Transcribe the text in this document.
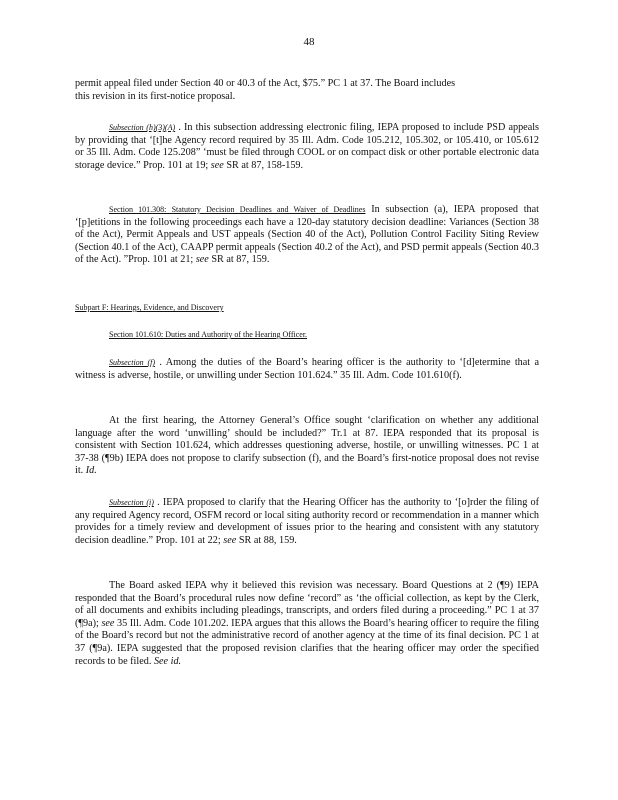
48
permit appeal filed under Section 40 or 40.3 of the Act, $75.” PC 1 at 37. The Board includes
this revision in its first-notice proposal.
Subsection (h)(3)(A) . In this subsection addressing electronic filing, IEPA proposed to include PSD appeals by providing that ‘[t]he Agency record required by 35 Ill. Adm. Code 105.212, 105.302, or 105.410, or 105.612 or 35 Ill. Adm. Code 125.208” ‘must be filed through COOL or on compact disk or other portable electronic data storage device.” Prop. 101 at 19; see SR at 87, 158-159.
Section 101.308: Statutory Decision Deadlines and Waiver of Deadlines In subsection (a), IEPA proposed that ‘[p]etitions in the following proceedings each have a 120-day statutory decision deadline: Variances (Section 38 of the Act), Permit Appeals and UST appeals (Section 40 of the Act), Pollution Control Facility Siting Review (Section 40.1 of the Act), CAAPP permit appeals (Section 40.2 of the Act), and PSD permit appeals (Section 40.3 of the Act). ”Prop. 101 at 21; see SR at 87, 159.
Subpart F: Hearings, Evidence, and Discovery
Section 101.610: Duties and Authority of the Hearing Officer.
Subsection (f) . Among the duties of the Board’s hearing officer is the authority to ‘[d]etermine that a witness is adverse, hostile, or unwilling under Section 101.624.” 35 Ill. Adm. Code 101.610(f).
At the first hearing, the Attorney General’s Office sought ‘clarification on whether any additional language after the word ‘unwilling’ should be included?” Tr.1 at 87. IEPA responded that its proposal is consistent with Section 101.624, which addresses questioning adverse, hostile, or unwilling witnesses. PC 1 at 37-38 (¶9b) IEPA does not propose to clarify subsection (f), and the Board’s first-notice proposal does not revise it. Id.
Subsection (i) . IEPA proposed to clarify that the Hearing Officer has the authority to ‘[o]rder the filing of any required Agency record, OSFM record or local siting authority record or recommendation in a manner which provides for a timely review and development of issues prior to the hearing and consistent with any statutory decision deadline.” Prop. 101 at 22; see SR at 88, 159.
The Board asked IEPA why it believed this revision was necessary. Board Questions at 2 (¶9) IEPA responded that the Board’s procedural rules now define ‘record” as ‘the official collection, as kept by the Clerk, of all documents and exhibits including pleadings, transcripts, and orders filed during a proceeding.” PC 1 at 37 (¶9a); see 35 Ill. Adm. Code 101.202. IEPA argues that this allows the Board’s hearing officer to require the filing of the Board’s record but not the administrative record of another agency at the time of its final decision. PC 1 at 37 (¶9a). IEPA suggested that the proposed revision clarifies that the hearing officer may order the specified records to be filed. See id.
